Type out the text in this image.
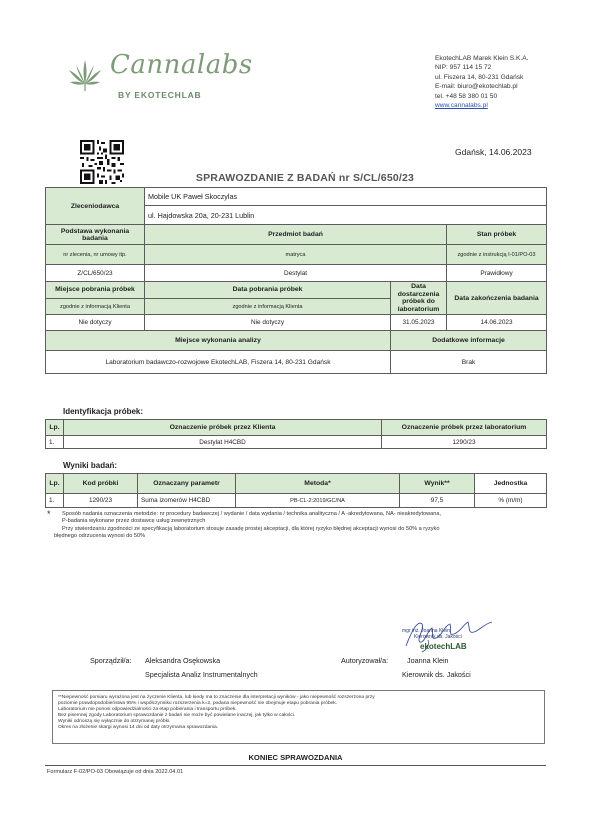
Cannalabs
BY EKOTECHLAB
EkotechLAB Marek Klein S.K.A.
NIP: 957 114 15 72
ul. Fiszera 14, 80-231 Gdańsk
E-mail: biuro@ekotechlab.pl
tel. +48 58 380 01 50
www.cannalabs.pl
Gdańsk, 14.06.2023
SPRAWOZDANIE Z BADAŃ nr S/CL/650/23
Zleceniodawca	Mobile UK Paweł Skoczylas		
	ul. Hajdowska 20a, 20-231 Lublin		
Podstawa wykonania badania	Przedmiot badań		Stan próbek
nr zlecenia, nr umowy itp.	matryca		zgodnie z instrukcją I-01/PO-03
Z/CL/650/23	Destylat		Prawidłowy
Miejsce pobrania próbek	Data pobrania próbek	Data dostarczenia próbek do laboratorium	Data zakończenia badania
zgodnie z informacją Klienta	zgodnie z informacją Klienta		
Nie dotyczy	Nie dotyczy	31.05.2023	14.06.2023
Miejsce wykonania analizy		Dodatkowe informacje	
Laboratorium badawczo-rozwojowe EkotechLAB, Fiszera 14, 80-231 Gdańsk		Brak	
Identyfikacja próbek:
Lp.	Oznaczenie próbek przez Klienta	Oznaczenie próbek przez laboratorium
1.	Destylat H4CBD	1290/23
Wyniki badań:
Lp.	Kod próbki	Oznaczany parametr	Metoda*	Wynik**	Jednostka
1.	1290/23	Suma izomerów H4CBD	PB-CL-2:2019/GC/NA	97,5	% (m/m)
* Sposób nadania oznaczenia metodzie: nr procedury badawczej / wydanie / data wydania / technika analityczna / A -akredytowana, NA- nieakredytowana,
P-badania wykonane przez dostawcę usług zewnętrznych
Przy stwierdzaniu zgodności ze specyfikacją laboratorium stosuje zasadę prostej akceptacji, dla której ryzyko błędnej akceptacji wynosi do 50% a ryzyko
błędnego odrzucenia wynosi do 50%
mgr inż. Joanna Klein
Kierownik ds. Jakości
ekotechLAB
Sporządził/a: Aleksandra Osękowska
Specjalista Analiz Instrumentalnych
Autoryzował/a:	Joanna Klein
Kierownik ds. Jakości
**Niepewność pomiaru wyrażona jest na życzenie Klienta, lub kiedy ma to znaczenie dla interpretacji wyników - jako niepewność rozszerzona przy
poziomie prawdopodobieństwa 95% i współczynniku rozszerzenia k=2, podana niepewność nie obejmuje etapu pobrania próbek.
Laboratorium nie ponosi odpowiedzialności za etap pobierania i transportu próbek.
Bez pisemnej zgody Laboratorium sprawozdanie z badań nie może być powielane inaczej, jak tylko w całości.
Wyniki odnoszą się wyłącznie do otrzymanej próbki.
Okres na złożenie skargi wynosi 14 dni od daty otrzymania sprawozdania.
KONIEC SPRAWOZDANIA
Formularz F-02/PO-03 Obowiązuje od dnia 2022.04.01
